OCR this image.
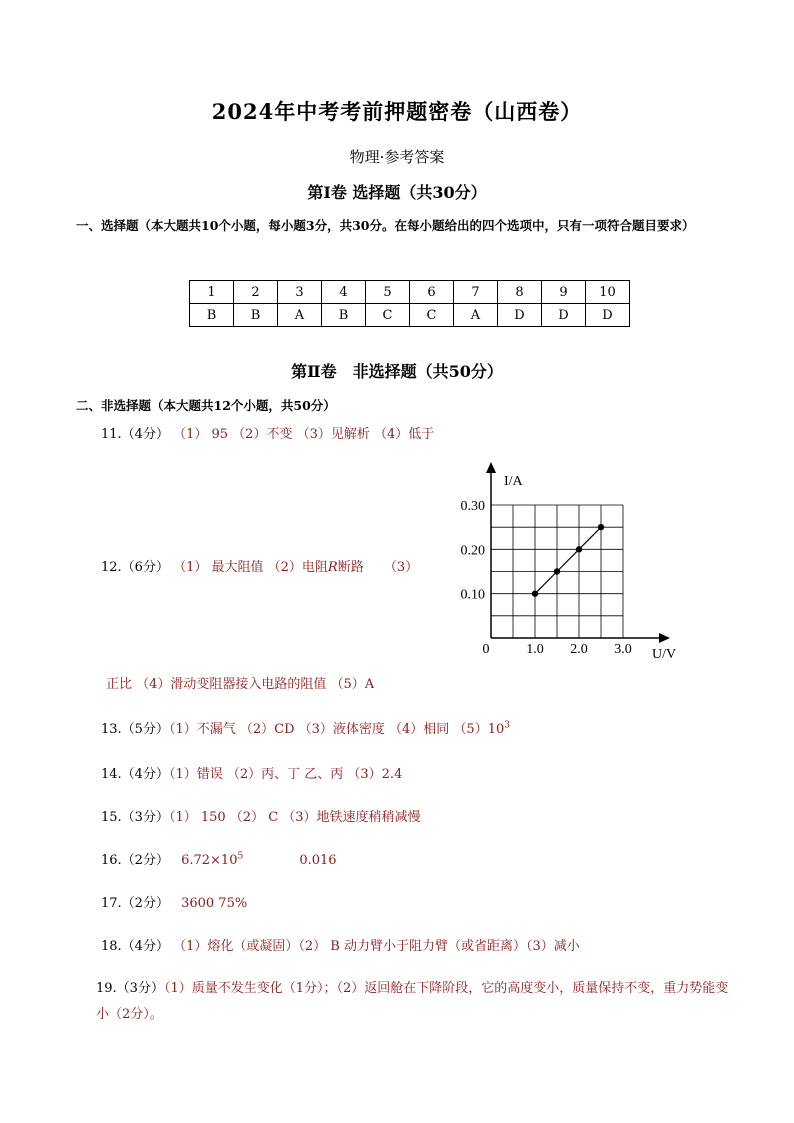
2024年中考考前押题密卷（山西卷）
物理·参考答案
第Ⅰ卷 选择题（共30分）
一、选择题（本大题共10个小题，每小题3分，共30分。在每小题给出的四个选项中，只有一项符合题目要求）
1	2	3	4	5	6	7	8	9	10
B	B	A	B	C	C	A	D	D	D
第Ⅱ卷　非选择题（共50分）
二、非选择题（本大题共12个小题，共50分）
11.（4分） （1） 95 （2）不变 （3）见解析 （4）低于
12.（6分） （1） 最大阻值 （2）电阻R断路 （3）
I/A
U/V
0	1.0 2.0 3.0
0.10
0.20
0.30
正比 （4）滑动变阻器接入电路的阻值 （5）A
13.（5分）（1）不漏气 （2）CD （3）液体密度 （4）相同 $(5)10^3$
14.（4分）（1）错误 （2）丙、丁 乙、丙 （3）2.4
15.（3分）（1） 150 （2） C （3）地铁速度稍稍减慢
16.（2分） $6.72\times 10^5$	0.016
17.（2分） 3600 75%
18.（4分） （1）熔化（或凝固）（2） B 动力臂小于阻力臂（或省距离）（3）减小
19.（3分）（1）质量不发生变化（1分）；（2）返回舱在下降阶段，它的高度变小，质量保持不变，重力势能变小（2分）。
